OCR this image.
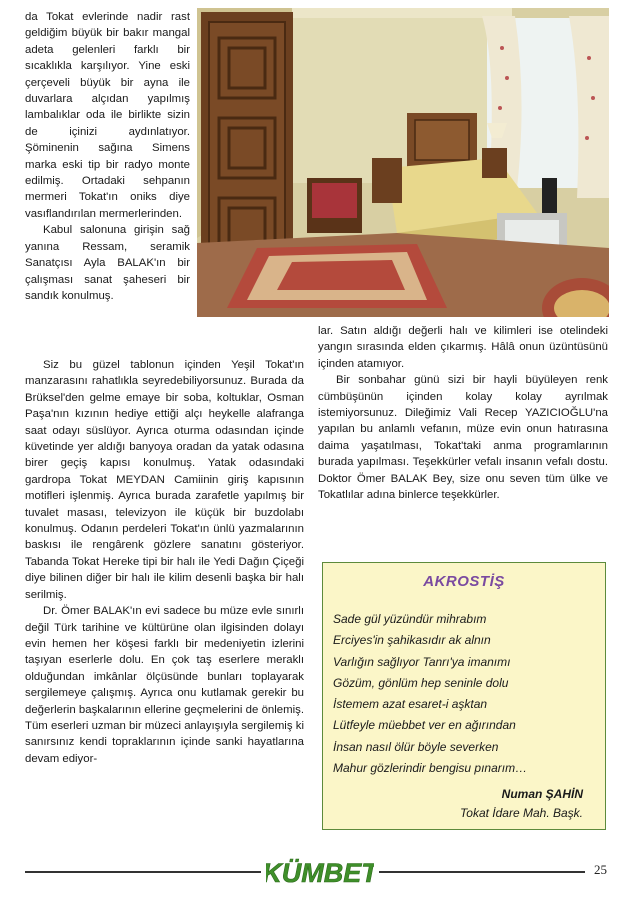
da Tokat evlerinde nadir rast geldiğim büyük bir bakır mangal adeta gelenleri farklı bir sıcaklıkla karşılıyor. Yine eski çerçeveli büyük bir ayna ile duvarlara alçıdan yapılmış lambalıklar oda ile birlikte sizin de içinizi aydınlatıyor. Şöminenin sağına Simens marka eski tip bir radyo monte edilmiş. Ortadaki sehpanın mermeri Tokat'ın oniks diye vasıflandırılan mermerlerinden.

Kabul salonuna girişin sağ yanına Ressam, seramik Sanatçısı Ayla BALAK'ın bir çalışması sanat şaheseri bir sandık konulmuş.

Siz bu güzel tablonun içinden Yeşil Tokat'ın manzarasını rahatlıkla seyredebiliyorsunuz. Burada da Brüksel'den gelme emaye bir soba, koltuklar, Osman Paşa'nın kızının hediye ettiği alçı heykelle alafranga saat odayı süslüyor. Ayrıca oturma odasından içinde küvetinde yer aldığı banyoya oradan da yatak odasına birer geçiş kapısı konulmuş. Yatak odasındaki gardropa Tokat MEYDAN Camiinin giriş kapısının motifleri işlenmiş. Ayrıca burada zarafetle yapılmış bir tuvalet masası, televizyon ile küçük bir buzdolabı konulmuş. Odanın perdeleri Tokat'ın ünlü yazmalarının baskısı ile rengârenk gözlere sanatını gösteriyor. Tabanda Tokat Hereke tipi bir halı ile Yedi Dağın Çiçeği diye bilinen diğer bir halı ile kilim desenli başka bir halı serilmiş.

Dr. Ömer BALAK'ın evi sadece bu müze evle sınırlı değil Türk tarihine ve kültürüne olan ilgisinden dolayı evin hemen her köşesi farklı bir medeniyetin izlerini taşıyan eserlerle dolu. En çok taş eserlere meraklı olduğundan imkânlar ölçüsünde bunları toplayarak sergilemeye çalışmış. Ayrıca onu kutlamak gerekir bu değerlerin başkalarının ellerine geçmelerini de önlemiş. Tüm eserleri uzman bir müzeci anlayışıyla sergilemiş ki sanırsınız kendi topraklarının içinde sanki hayatlarına devam ediyor-

lar. Satın aldığı değerli halı ve kilimleri ise otelindeki yangın sırasında elden çıkarmış. Hâlâ onun üzüntüsünü içinden atamıyor.

Bir sonbahar günü sizi bir hayli büyüleyen renk cümbüşünün içinden kolay kolay ayrılmak istemiyorsunuz. Dileğimiz Vali Recep YAZICIOĞLU'na yapılan bu anlamlı vefanın, müze evin onun hatırasına daima yaşatılması, Tokat'taki anma programlarının burada yapılması. Teşekkürler vefalı insanın vefalı dostu. Doktor Ömer BALAK Bey, size onu seven tüm ülke ve Tokatlılar adına binlerce teşekkürler.

AKROSTİŞ
Sade gül yüzündür mihrabım
Erciyes'in şahikasıdır ak alnın
Varlığın sağlıyor Tanrı'ya imanımı
Gözüm, gönlüm hep seninle dolu
İstemem azat esaret-i aşktan
Lütfeyle müebbet ver en ağırından
İnsan nasıl ölür böyle severken
Mahur gözlerindir bengisu pınarım…
Numan ŞAHİN
Tokat İdare Mah. Başk.
KÜMBET	25
